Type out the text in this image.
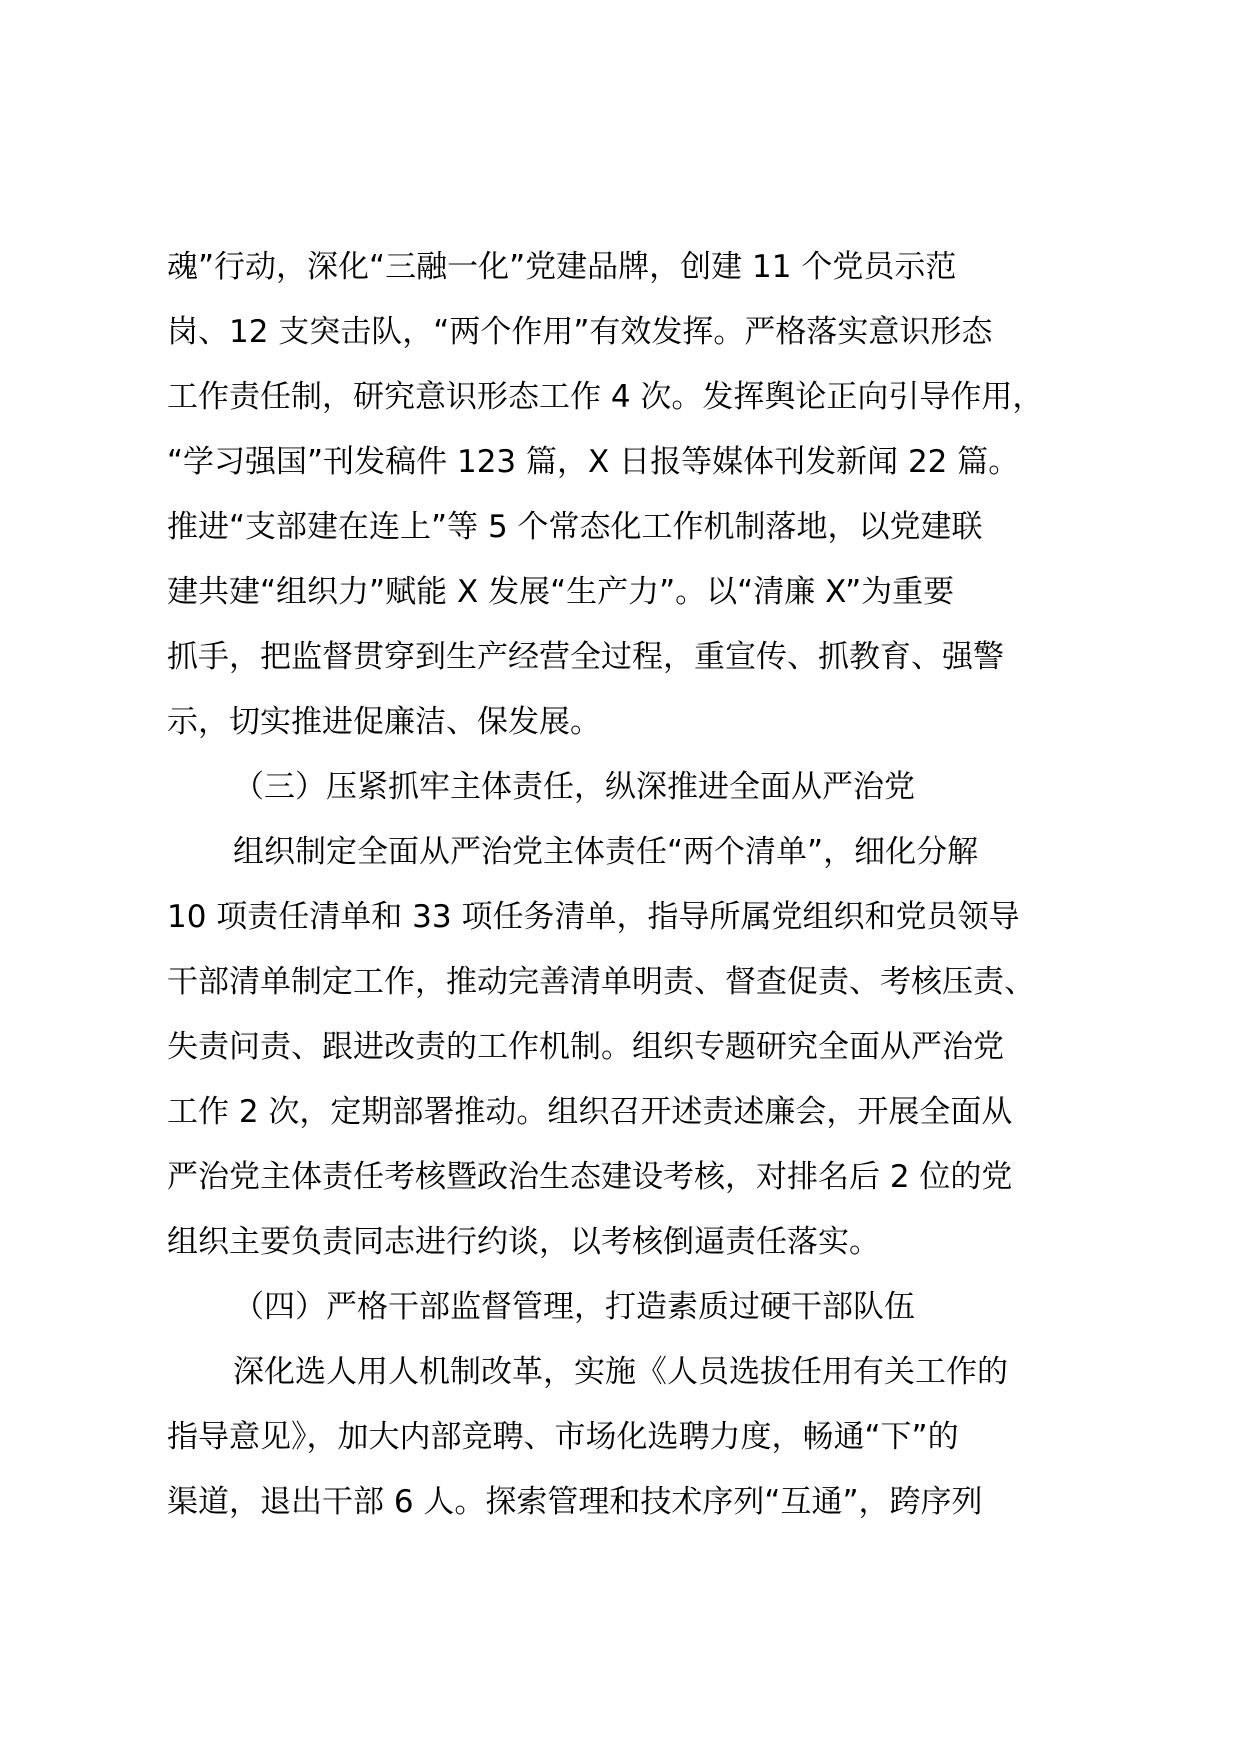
魂”行动，深化“三融一化”党建品牌，创建 11 个党员示范
岗、12 支突击队，“两个作用”有效发挥。严格落实意识形态
工作责任制，研究意识形态工作 4 次。发挥舆论正向引导作用，
“学习强国”刊发稿件 123 篇，X 日报等媒体刊发新闻 22 篇。
推进“支部建在连上”等 5 个常态化工作机制落地，以党建联
建共建“组织力”赋能 X 发展“生产力”。以“清廉 X”为重要
抓手，把监督贯穿到生产经营全过程，重宣传、抓教育、强警
示，切实推进促廉洁、保发展。
（三）压紧抓牢主体责任，纵深推进全面从严治党
组织制定全面从严治党主体责任“两个清单”，细化分解
10 项责任清单和 33 项任务清单，指导所属党组织和党员领导
干部清单制定工作，推动完善清单明责、督查促责、考核压责、
失责问责、跟进改责的工作机制。组织专题研究全面从严治党
工作 2 次，定期部署推动。组织召开述责述廉会，开展全面从
严治党主体责任考核暨政治生态建设考核，对排名后 2 位的党
组织主要负责同志进行约谈，以考核倒逼责任落实。
（四）严格干部监督管理，打造素质过硬干部队伍
深化选人用人机制改革，实施《人员选拔任用有关工作的
指导意见》，加大内部竞聘、市场化选聘力度，畅通“下”的
渠道，退出干部 6 人。探索管理和技术序列“互通”，跨序列
